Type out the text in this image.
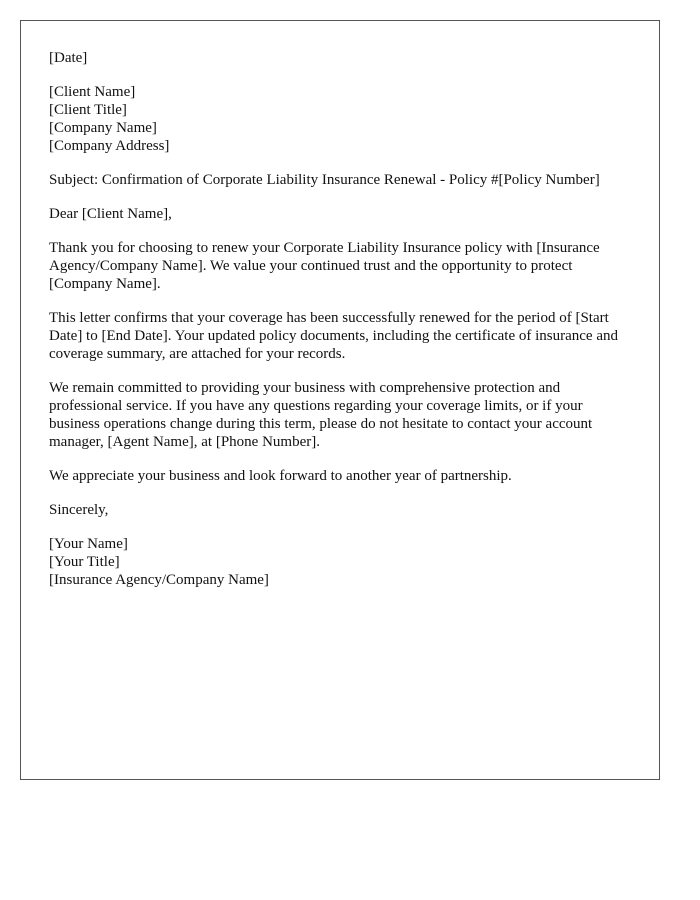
[Date]
[Client Name]
[Client Title]
[Company Name]
[Company Address]

Subject: Confirmation of Corporate Liability Insurance Renewal - Policy #[Policy Number]

Dear [Client Name],

Thank you for choosing to renew your Corporate Liability Insurance policy with [Insurance Agency/Company Name]. We value your continued trust and the opportunity to protect [Company Name].

This letter confirms that your coverage has been successfully renewed for the period of [Start Date] to [End Date]. Your updated policy documents, including the certificate of insurance and coverage summary, are attached for your records.

We remain committed to providing your business with comprehensive protection and professional service. If you have any questions regarding your coverage limits, or if your business operations change during this term, please do not hesitate to contact your account manager, [Agent Name], at [Phone Number].

We appreciate your business and look forward to another year of partnership.

Sincerely,

[Your Name]
[Your Title]
[Insurance Agency/Company Name]
